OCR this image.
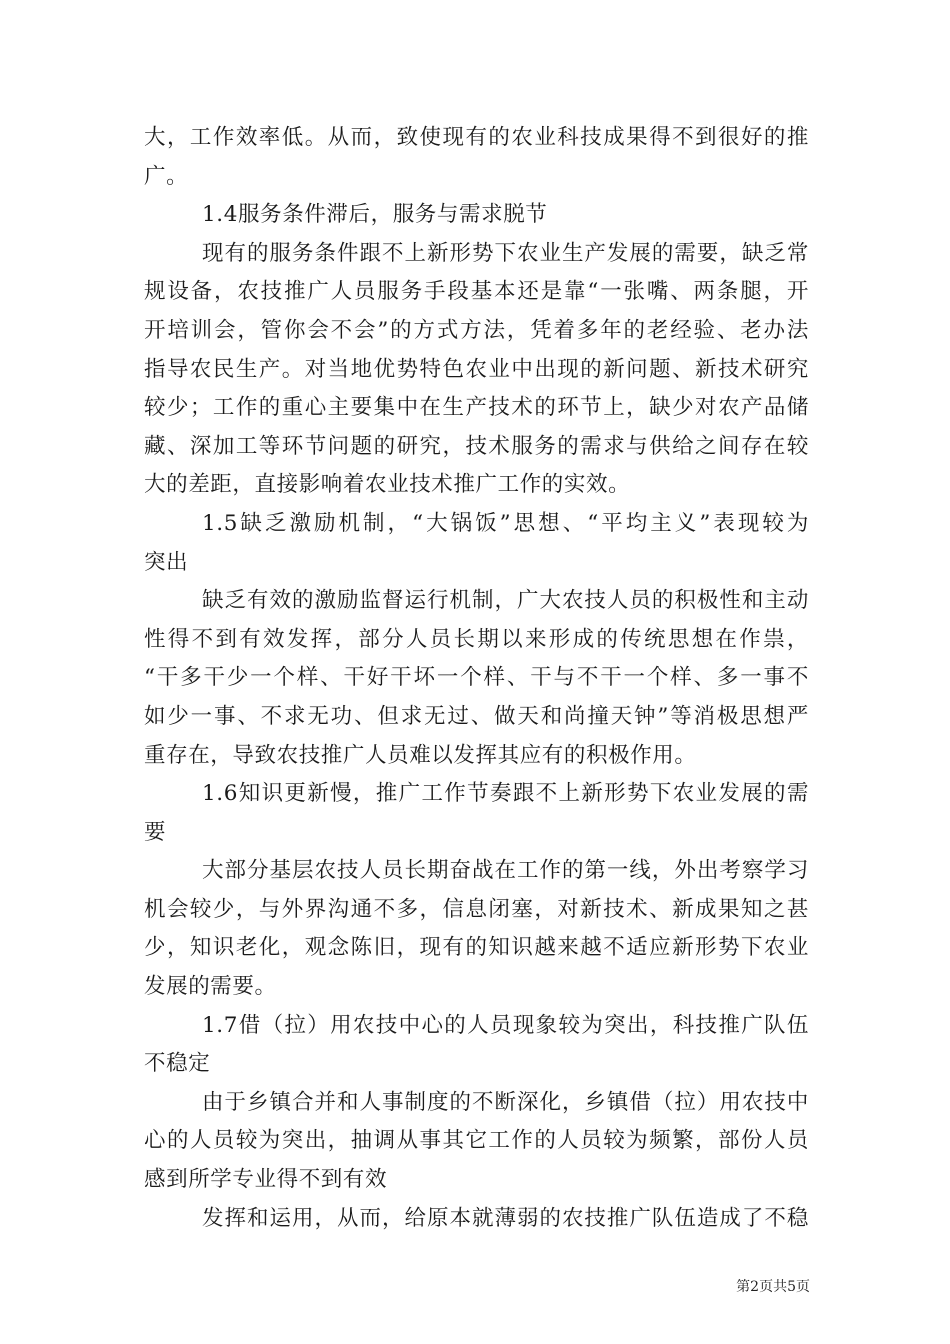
大，工作效率低。从而，致使现有的农业科技成果得不到很好的推
广。
1.4服务条件滞后，服务与需求脱节
现有的服务条件跟不上新形势下农业生产发展的需要，缺乏常
规设备，农技推广人员服务手段基本还是靠“一张嘴、两条腿，开
开培训会，管你会不会”的方式方法，凭着多年的老经验、老办法
指导农民生产。对当地优势特色农业中出现的新问题、新技术研究
较少；工作的重心主要集中在生产技术的环节上，缺少对农产品储
藏、深加工等环节问题的研究，技术服务的需求与供给之间存在较
大的差距，直接影响着农业技术推广工作的实效。
1.5缺乏激励机制，“大锅饭”思想、“平均主义”表现较为
突出
缺乏有效的激励监督运行机制，广大农技人员的积极性和主动
性得不到有效发挥，部分人员长期以来形成的传统思想在作祟，
“干多干少一个样、干好干坏一个样、干与不干一个样、多一事不
如少一事、不求无功、但求无过、做天和尚撞天钟”等消极思想严
重存在，导致农技推广人员难以发挥其应有的积极作用。
1.6知识更新慢，推广工作节奏跟不上新形势下农业发展的需
要
大部分基层农技人员长期奋战在工作的第一线，外出考察学习
机会较少，与外界沟通不多，信息闭塞，对新技术、新成果知之甚
少，知识老化，观念陈旧，现有的知识越来越不适应新形势下农业
发展的需要。
1.7借（拉）用农技中心的人员现象较为突出，科技推广队伍
不稳定
由于乡镇合并和人事制度的不断深化，乡镇借（拉）用农技中
心的人员较为突出，抽调从事其它工作的人员较为频繁，部份人员
感到所学专业得不到有效
发挥和运用，从而，给原本就薄弱的农技推广队伍造成了不稳
第2页共5页
